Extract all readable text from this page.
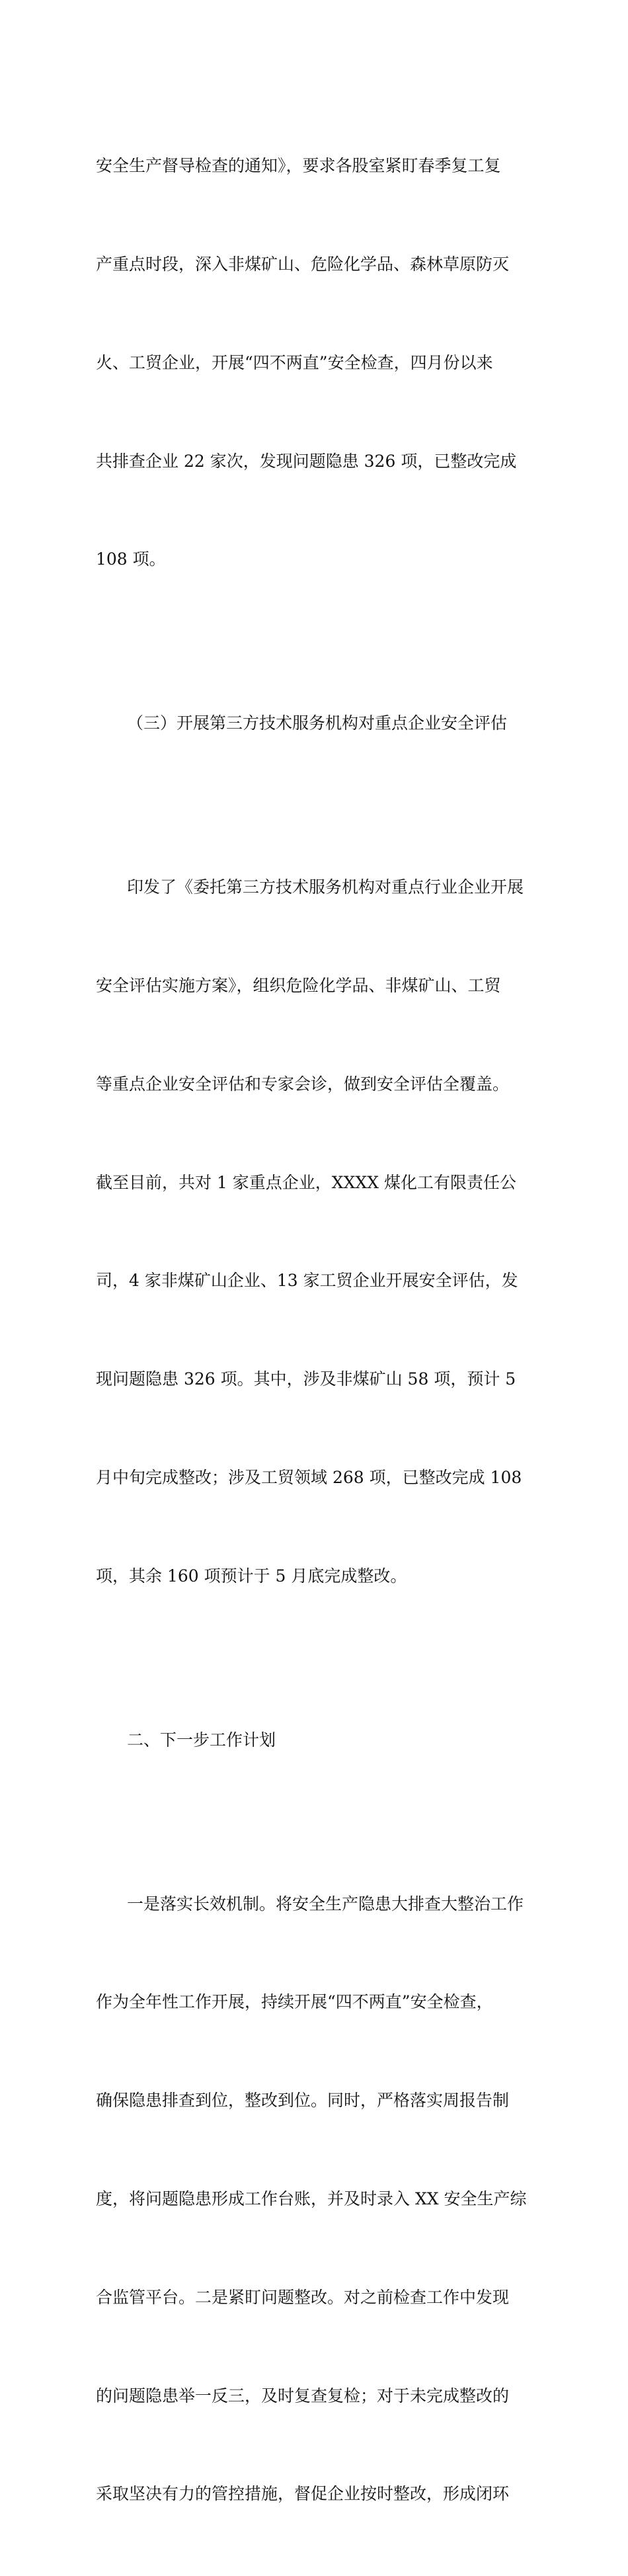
安全生产督导检查的通知》，要求各股室紧盯春季复工复

产重点时段，深入非煤矿山、危险化学品、森林草原防灭

火、工贸企业，开展“四不两直”安全检查，四月份以来

共排查企业 22 家次，发现问题隐患 326 项，已整改完成

108 项。

（三）开展第三方技术服务机构对重点企业安全评估

印发了《委托第三方技术服务机构对重点行业企业开展

安全评估实施方案》，组织危险化学品、非煤矿山、工贸

等重点企业安全评估和专家会诊，做到安全评估全覆盖。

截至目前，共对 1 家重点企业，XXXX 煤化工有限责任公

司，4 家非煤矿山企业、13 家工贸企业开展安全评估，发

现问题隐患 326 项。其中，涉及非煤矿山 58 项，预计 5

月中旬完成整改；涉及工贸领域 268 项，已整改完成 108

项，其余 160 项预计于 5 月底完成整改。

二、下一步工作计划

一是落实长效机制。将安全生产隐患大排查大整治工作

作为全年性工作开展，持续开展“四不两直”安全检查，

确保隐患排查到位，整改到位。同时，严格落实周报告制

度，将问题隐患形成工作台账，并及时录入 XX 安全生产综

合监管平台。二是紧盯问题整改。对之前检查工作中发现

的问题隐患举一反三，及时复查复检；对于未完成整改的

采取坚决有力的管控措施，督促企业按时整改，形成闭环
